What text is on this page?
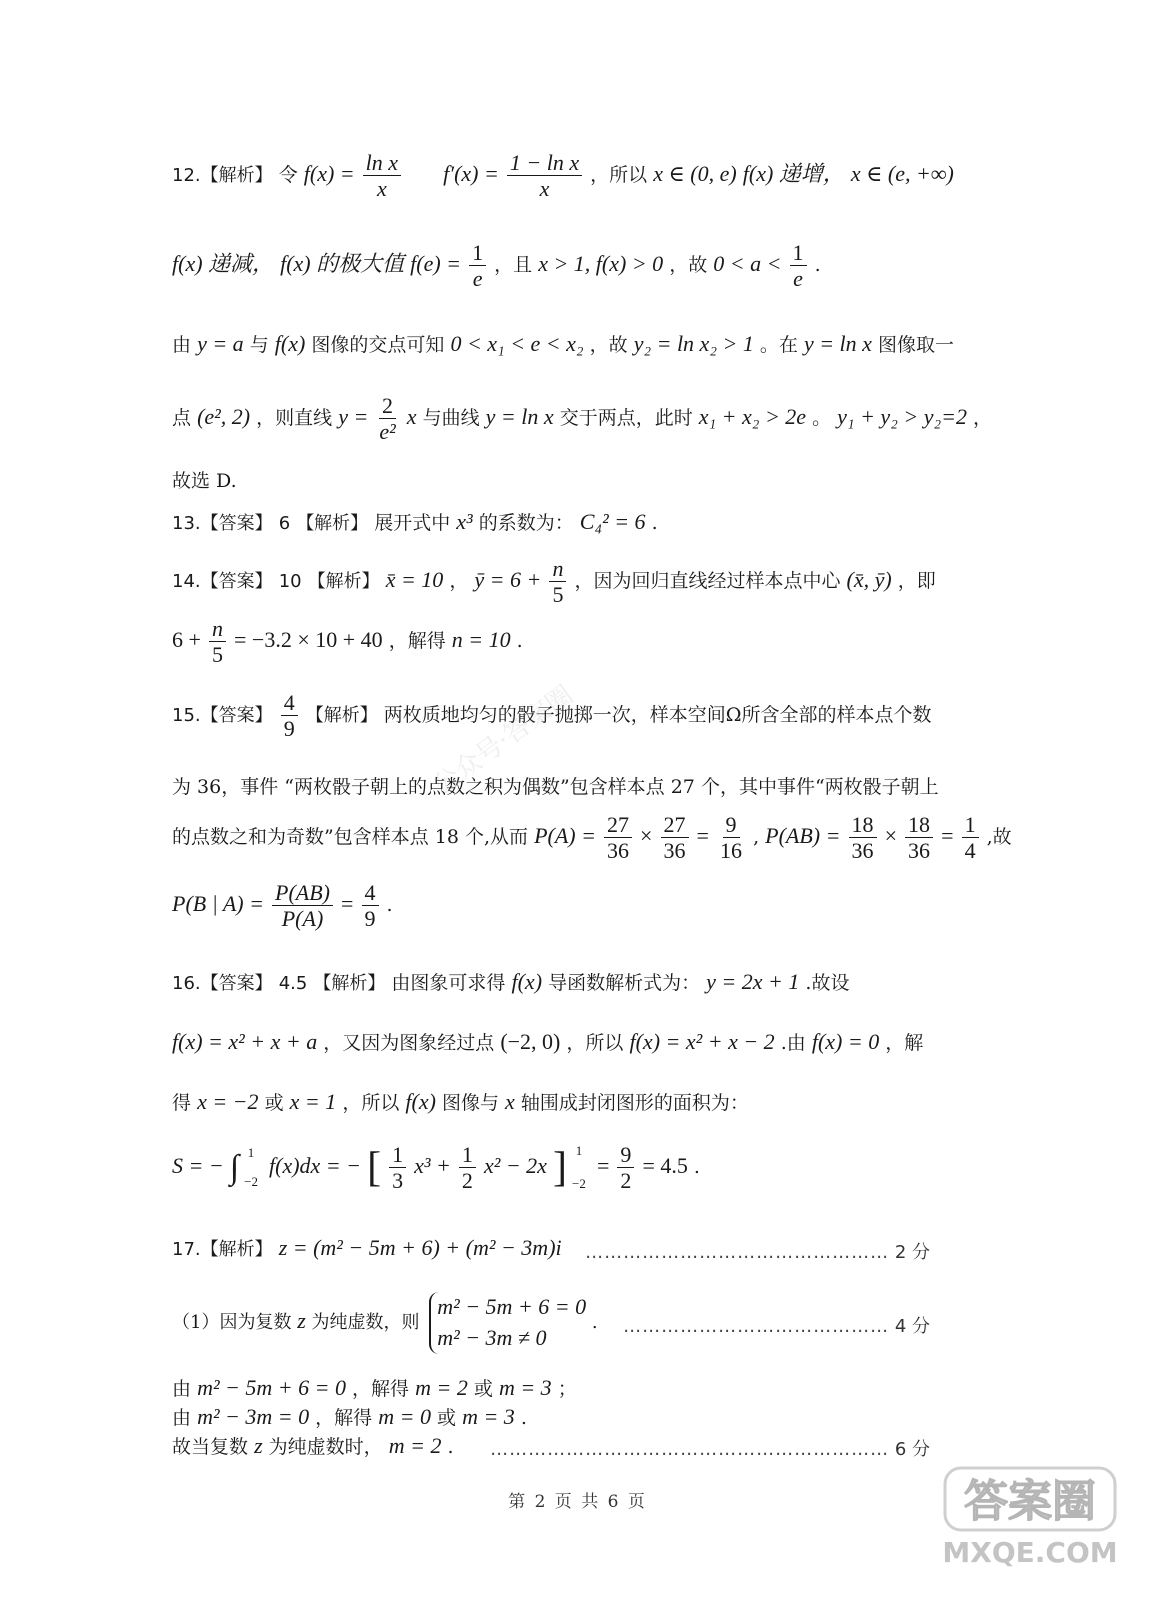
12.【解析】 令 $f(x) = \frac{\text{ln x}}{x} f'(x) = \frac{\text{1 − ln x}}{x}$ ，所以 x ∈ (0, e) f(x) 递增， x ∈ (e, +∞)
f(x) 递减， f(x) 的极大值 $f(e) = \frac{1}{e}$ ，且 x > 1, f(x) > 0 ，故 $0 < a < \frac{1}{e}$ .
由 y = a 与 f(x) 图像的交点可知 0 < x₁ < e < x₂ ，故 y₂ = ln x₂ > 1 。在 y = ln x 图像取一
点 (e², 2) ，则直线 $y = \frac{2}{\text{e²}}$ x 与曲线 y = ln x 交于两点，此时 x₁ + x₂ > 2e 。 y₁ + y₂ > y₂=2 ，
故选 D.
13.【答案】 6 【解析】 展开式中 x³ 的系数为： C₄² = 6 .
14.【答案】 10 【解析】 x̄ = 10 ， ȳ = $6 + \frac{n}{5}$ ，因为回归直线经过样本点中心 (x̄, ȳ) ，即
$6 + \frac{n}{5} = -3.2 \times 10 + 40$ ，解得 n = 10 .
15.【答案】 $\frac{4}{9}$ 【解析】 两枚质地均匀的骰子抛掷一次，样本空间Ω所含全部的样本点个数
为 36，事件 “两枚骰子朝上的点数之积为偶数”包含样本点 27 个，其中事件“两枚骰子朝上
的点数之和为奇数”包含样本点 18 个,从而 $P(A) = \frac{27}{36} \times \frac{27}{36} = \frac{9}{16}$ , $P(AB) = \frac{18}{36} \times \frac{18}{36} = \frac{1}{4}$ ,故
P(B | $A) = \frac{P(AB)}{P(A)} = \frac{4}{9}$ .
16.【答案】 4.5 【解析】 由图象可求得 f(x) 导函数解析式为： y = 2x + 1 .故设
f(x) = x² + x + a ，又因为图象经过点 (−2, 0) ，所以 f(x) = x² + x − 2 .由 f(x) = 0 ，解
得 x = −2 或 x = 1 ，所以 f(x) 图像与 x 轴围成封闭图形的面积为：
S = − ∫ 1
−2
f(x)dx = − [ $\frac{1}{3} x^3 + \frac{1}{2} x^2 - 2x$ ] 1
−2
= $\frac{9}{2} = 4.5$ .
17.【解析】 z = (m² − 5m + 6) + (m² − 3m)i	………………………………………… 2 分
（1）因为复数 z 为纯虚数，则
m² − 5m + 6 = 0
m² − 3m ≠ 0
.	…………………………………… 4 分
由 m² − 5m + 6 = 0 ，解得 m = 2 或 m = 3 ；
由 m² − 3m = 0 ，解得 m = 0 或 m = 3 .
故当复数 z 为纯虚数时， m = 2 .	……………………………………………………… 6 分
第 2 页 共 6 页
公众号·答案圈
答案圈
MXQE.COM
